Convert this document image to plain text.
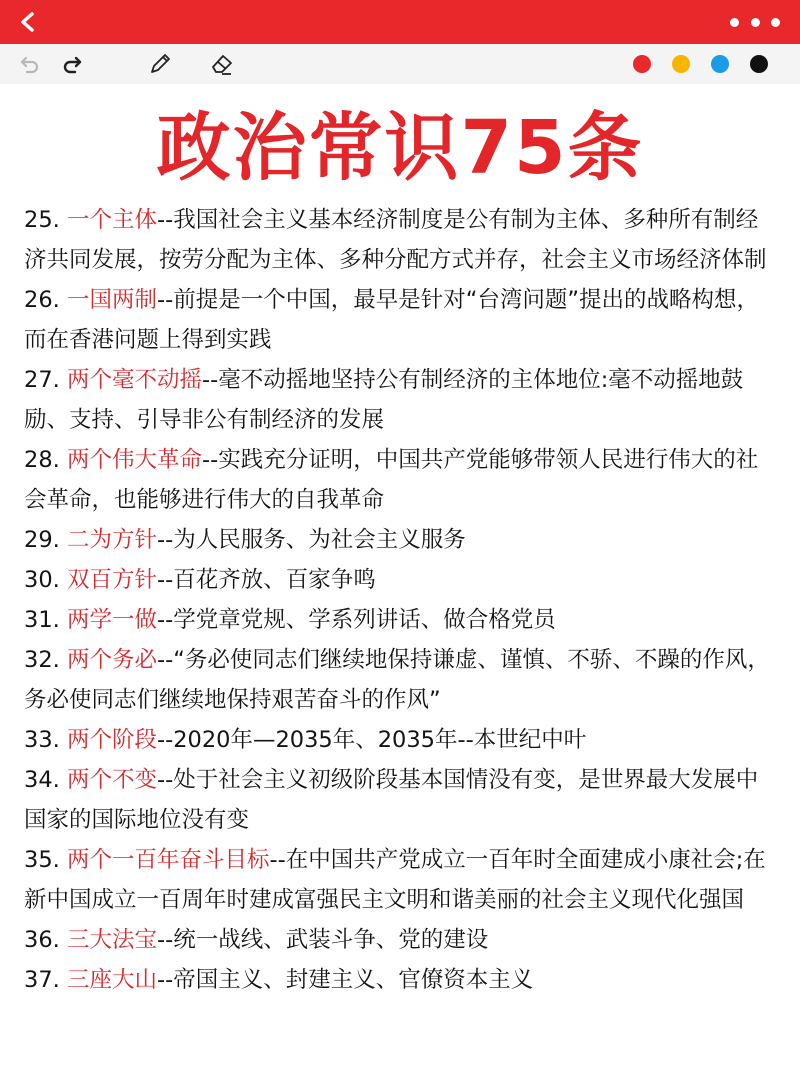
政治常识75条

25. 一个主体--我国社会主义基本经济制度是公有制为主体、多种所有制经济共同发展，按劳分配为主体、多种分配方式并存，社会主义市场经济体制

26. 一国两制--前提是一个中国，最早是针对“台湾问题”提出的战略构想，而在香港问题上得到实践

27. 两个毫不动摇--毫不动摇地坚持公有制经济的主体地位:毫不动摇地鼓励、支持、引导非公有制经济的发展

28. 两个伟大革命--实践充分证明，中国共产党能够带领人民进行伟大的社会革命，也能够进行伟大的自我革命

29. 二为方针--为人民服务、为社会主义服务

30. 双百方针--百花齐放、百家争鸣

31. 两学一做--学党章党规、学系列讲话、做合格党员

32. 两个务必--“务必使同志们继续地保持谦虚、谨慎、不骄、不躁的作风，务必使同志们继续地保持艰苦奋斗的作风”

33. 两个阶段--2020年—2035年、2035年--本世纪中叶

34. 两个不变--处于社会主义初级阶段基本国情没有变，是世界最大发展中国家的国际地位没有变

35. 两个一百年奋斗目标--在中国共产党成立一百年时全面建成小康社会;在新中国成立一百周年时建成富强民主文明和谐美丽的社会主义现代化强国

36. 三大法宝--统一战线、武装斗争、党的建设

37. 三座大山--帝国主义、封建主义、官僚资本主义
